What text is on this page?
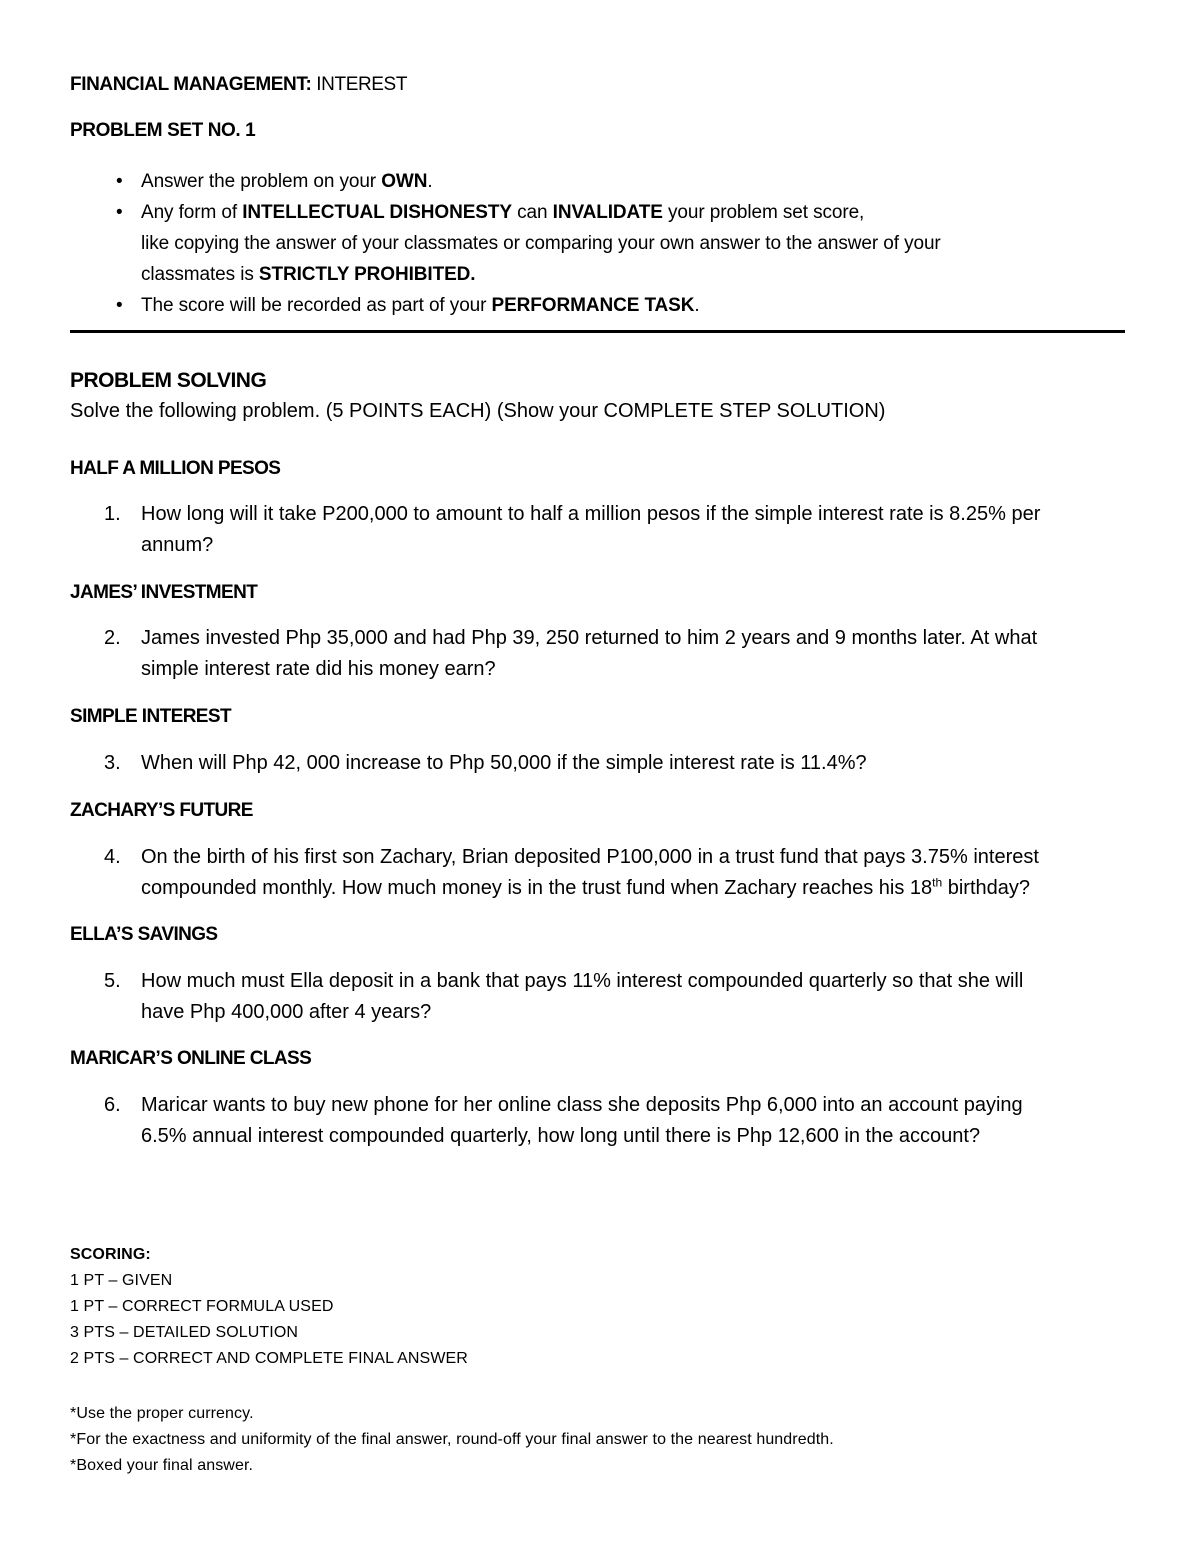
FINANCIAL MANAGEMENT: INTEREST
PROBLEM SET NO. 1
• Answer the problem on your OWN.
• Any form of INTELLECTUAL DISHONESTY can INVALIDATE your problem set score,
like copying the answer of your classmates or comparing your own answer to the answer of your
classmates is STRICTLY PROHIBITED.
• The score will be recorded as part of your PERFORMANCE TASK.
PROBLEM SOLVING
Solve the following problem. (5 POINTS EACH) (Show your COMPLETE STEP SOLUTION)
HALF A MILLION PESOS
1.	How long will it take P200,000 to amount to half a million pesos if the simple interest rate is 8.25% per
annum?
JAMES’ INVESTMENT
2.	James invested Php 35,000 and had Php 39, 250 returned to him 2 years and 9 months later. At what
simple interest rate did his money earn?
SIMPLE INTEREST
3.	When will Php 42, 000 increase to Php 50,000 if the simple interest rate is 11.4%?
ZACHARY’S FUTURE
4.	On the birth of his first son Zachary, Brian deposited P100,000 in a trust fund that pays 3.75% interest
compounded monthly. How much money is in the trust fund when Zachary reaches his 18th birthday?
ELLA’S SAVINGS
5.	How much must Ella deposit in a bank that pays 11% interest compounded quarterly so that she will
have Php 400,000 after 4 years?
MARICAR’S ONLINE CLASS
6.	Maricar wants to buy new phone for her online class she deposits Php 6,000 into an account paying
6.5% annual interest compounded quarterly, how long until there is Php 12,600 in the account?
SCORING:
1 PT – GIVEN
1 PT – CORRECT FORMULA USED
3 PTS – DETAILED SOLUTION
2 PTS – CORRECT AND COMPLETE FINAL ANSWER
*Use the proper currency.
*For the exactness and uniformity of the final answer, round-off your final answer to the nearest hundredth.
*Boxed your final answer.
